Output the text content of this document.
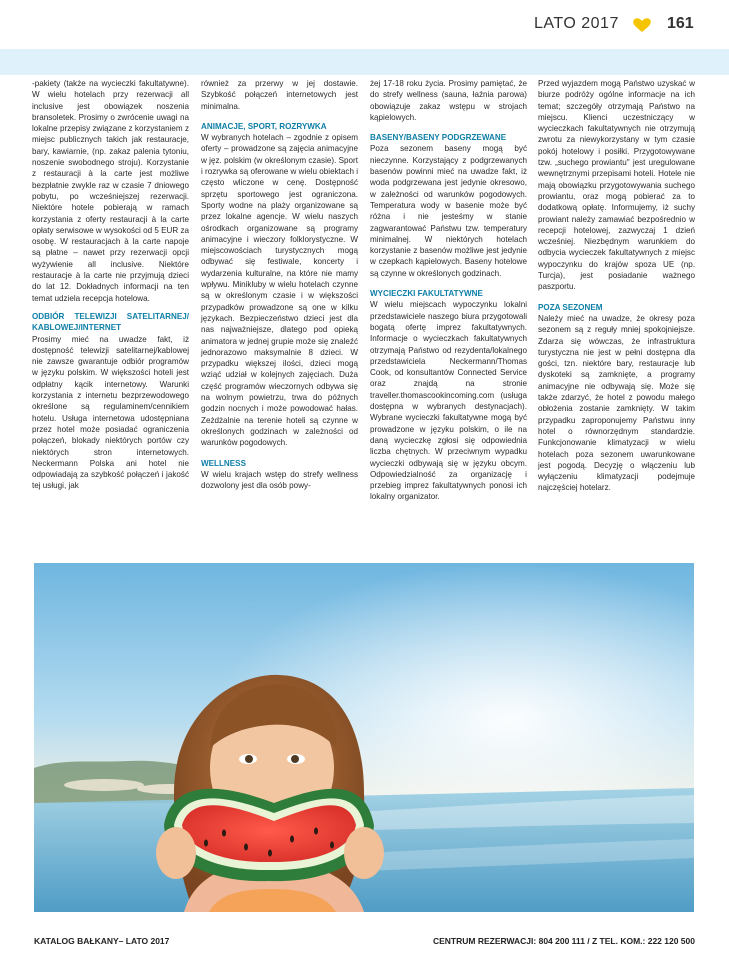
LATO 2017	161

-pakiety (także na wycieczki fakultatywne). W wielu hotelach przy rezerwacji all inclusive jest obowiązek noszenia bransoletek. Prosimy o zwrócenie uwagi na lokalne przepisy związane z korzystaniem z miejsc publicznych takich jak restauracje, bary, kawiarnie, (np. zakaz palenia tytoniu, noszenie swobodnego stroju). Korzystanie z restauracji à la carte jest możliwe bezpłatnie zwykle raz w czasie 7 dniowego pobytu, po wcześniejszej rezerwacji. Niektóre hotele pobierają w ramach korzystania z oferty restauracji à la carte opłaty serwisowe w wysokości od 5 EUR za osobę. W restauracjach à la carte napoje są płatne – nawet przy rezerwacji opcji wyżywienie all inclusive. Niektóre restauracje à la carte nie przyjmują dzieci do lat 12. Dokładnych informacji na ten temat udziela recepcja hotelowa.

ODBIÓR TELEWIZJI SATELITARNEJ/ KABLOWEJ/INTERNET

Prosimy mieć na uwadze fakt, iż dostępność telewizji satelitarnej/kablowej nie zawsze gwarantuje odbiór programów w języku polskim. W większości hoteli jest odpłatny kącik internetowy. Warunki korzystania z internetu bezprzewodowego określone są regulaminem/cennikiem hotelu. Usługa internetowa udostępniana przez hotel może posiadać ograniczenia połączeń, blokady niektórych portów czy niektórych stron internetowych. Neckermann Polska ani hotel nie odpowiadają za szybkość połączeń i jakość tej usługi, jak

również za przerwy w jej dostawie. Szybkość połączeń internetowych jest minimalna.

ANIMACJE, SPORT, ROZRYWKA

W wybranych hotelach – zgodnie z opisem oferty – prowadzone są zajęcia animacyjne w jęz. polskim (w określonym czasie). Sport i rozrywka są oferowane w wielu obiektach i często wliczone w cenę. Dostępność sprzętu sportowego jest ograniczona. Sporty wodne na plaży organizowane są przez lokalne agencje. W wielu naszych ośrodkach organizowane są programy animacyjne i wieczory folklorystyczne. W miejscowościach turystycznych mogą odbywać się festiwale, koncerty i wydarzenia kulturalne, na które nie mamy wpływu. Minikluby w wielu hotelach czynne są w określonym czasie i w większości przypadków prowadzone są one w kilku językach. Bezpieczeństwo dzieci jest dla nas najważniejsze, dlatego pod opieką animatora w jednej grupie może się znaleźć jednorazowo maksymalnie 8 dzieci. W przypadku większej ilości, dzieci mogą wziąć udział w kolejnych zajęciach. Duża część programów wieczornych odbywa się na wolnym powietrzu, trwa do późnych godzin nocnych i może powodować hałas. Zeżdżalnie na terenie hoteli są czynne w określonych godzinach w zależności od warunków pogodowych.

WELLNESS

W wielu krajach wstęp do strefy wellness dozwolony jest dla osób powy-

żej 17-18 roku życia. Prosimy pamiętać, że do strefy wellness (sauna, łaźnia parowa) obowiązuje zakaz wstępu w strojach kąpielowych.

BASENY/BASENY PODGRZEWANE

Poza sezonem baseny mogą być nieczynne. Korzystający z podgrzewanych basenów powinni mieć na uwadze fakt, iż woda podgrzewana jest jedynie okresowo, w zależności od warunków pogodowych. Temperatura wody w basenie może być różna i nie jesteśmy w stanie zagwarantować Państwu tzw. temperatury minimalnej. W niektórych hotelach korzystanie z basenów możliwe jest jedynie w czepkach kąpielowych. Baseny hotelowe są czynne w określonych godzinach.

WYCIECZKI FAKULTATYWNE

W wielu miejscach wypoczynku lokalni przedstawiciele naszego biura przygotowali bogatą ofertę imprez fakultatywnych. Informacje o wycieczkach fakultatywnych otrzymają Państwo od rezydenta/lokalnego przedstawiciela Neckermann/Thomas Cook, od konsultantów Connected Service oraz znajdą na stronie traveller.thomascookincoming.com (usługa dostępna w wybranych destynacjach). Wybrane wycieczki fakultatywne mogą być prowadzone w języku polskim, o ile na daną wycieczkę zgłosi się odpowiednia liczba chętnych. W przeciwnym wypadku wycieczki odbywają się w języku obcym. Odpowiedzialność za organizację i przebieg imprez fakultatywnych ponosi ich lokalny organizator.

Przed wyjazdem mogą Państwo uzyskać w biurze podróży ogólne informacje na ich temat; szczegóły otrzymają Państwo na miejscu. Klienci uczestniczący w wycieczkach fakultatywnych nie otrzymują zwrotu za niewykorzystany w tym czasie pokój hotelowy i posiłki. Przygotowywane tzw. „suchego prowiantu" jest uregulowane wewnętrznymi przepisami hoteli. Hotele nie mają obowiązku przygotowywania suchego prowiantu, oraz mogą pobierać za to dodatkową opłatę. Informujemy, iż suchy prowiant należy zamawiać bezpośrednio w recepcji hotelowej, zazwyczaj 1 dzień wcześniej. Niezbędnym warunkiem do odbycia wycieczek fakultatywnych z miejsc wypoczynku do krajów spoza UE (np. Turcja), jest posiadanie ważnego paszportu.

POZA SEZONEM

Należy mieć na uwadze, że okresy poza sezonem są z reguły mniej spokojniejsze. Zdarza się wówczas, że infrastruktura turystyczna nie jest w pełni dostępna dla gości, tzn. niektóre bary, restauracje lub dyskoteki są zamknięte, a programy animacyjne nie odbywają się. Może się także zdarzyć, że hotel z powodu małego obłożenia zostanie zamknięty. W takim przypadku zaproponujemy Państwu inny hotel o równorzędnym standardzie. Funkcjonowanie klimatyzacji w wielu hotelach poza sezonem uwarunkowane jest pogodą. Decyzję o włączeniu lub wyłączeniu klimatyzacji podejmuje najczęściej hotelarz.

KATALOG BAŁKANY– LATO 2017	CENTRUM REZERWACJI: 804 200 111 / Z TEL. KOM.: 222 120 500
